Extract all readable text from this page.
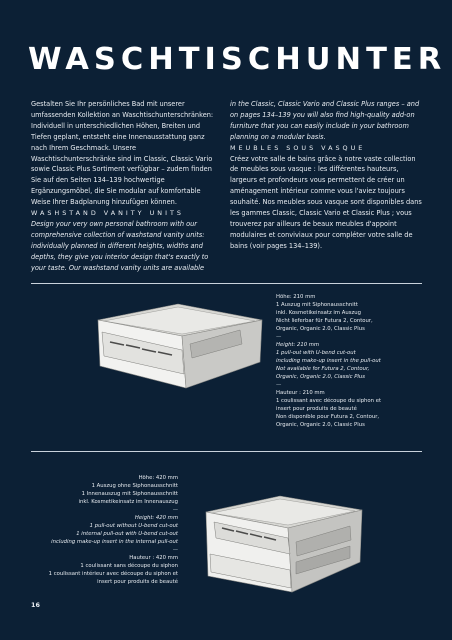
WASCHTISCHUNTER

Gestalten Sie Ihr persönliches Bad mit unserer umfassenden Kollektion an Waschtischunterschränken: Individuell in unterschiedlichen Höhen, Breiten und Tiefen geplant, entsteht eine Innenausstattung ganz nach Ihrem Geschmack. Unsere Waschtischunterschränke sind im Classic, Classic Vario sowie Classic Plus Sortiment verfügbar – zudem finden Sie auf den Seiten 134–139 hochwertige Ergänzungsmöbel, die Sie modular auf komfortable Weise Ihrer Badplanung hinzufügen können.

WASHSTAND VANITY UNITS

Design your very own personal bathroom with our comprehensive collection of washstand vanity units: individually planned in different heights, widths and depths, they give you interior design that's exactly to your taste. Our washstand vanity units are available

in the Classic, Classic Vario and Classic Plus ranges – and on pages 134–139 you will also find high-quality add-on furniture that you can easily include in your bathroom planning on a modular basis.

MEUBLES SOUS VASQUE

Créez votre salle de bains grâce à notre vaste collection de meubles sous vasque : les différentes hauteurs, largeurs et profondeurs vous permettent de créer un aménagement intérieur comme vous l'aviez toujours souhaité. Nos meubles sous vasque sont disponibles dans les gammes Classic, Classic Vario et Classic Plus ; vous trouverez par ailleurs de beaux meubles d'appoint modulaires et conviviaux pour compléter votre salle de bains (voir pages 134–139).

Höhe: 210 mm

1 Auszug mit Siphonausschnitt

inkl. Kosmetikeinsatz im Auszug

Nicht lieferbar für Futura 2, Contour,

Organic, Organic 2.0, Classic Plus

—

Height: 210 mm

1 pull-out with U-bend cut-out

including make-up insert in the pull-out

Not available for Futura 2, Contour,

Organic, Organic 2.0, Classic Plus

—

Hauteur : 210 mm

1 coulissant avec découpe du siphon et

insert pour produits de beauté

Non disponible pour Futura 2, Contour,

Organic, Organic 2.0, Classic Plus

Höhe: 420 mm

1 Auszug ohne Siphonausschnitt

1 Innenauszug mit Siphonausschnitt

inkl. Kosmetikeinsatz im Innenauszug

—

Height: 420 mm

1 pull-out without U-bend cut-out

1 internal pull-out with U-bend cut-out

including make-up insert in the internal pull-out

—

Hauteur : 420 mm

1 coulissant sans découpe du siphon

1 coulissant intérieur avec découpe du siphon et

insert pour produits de beauté

16
